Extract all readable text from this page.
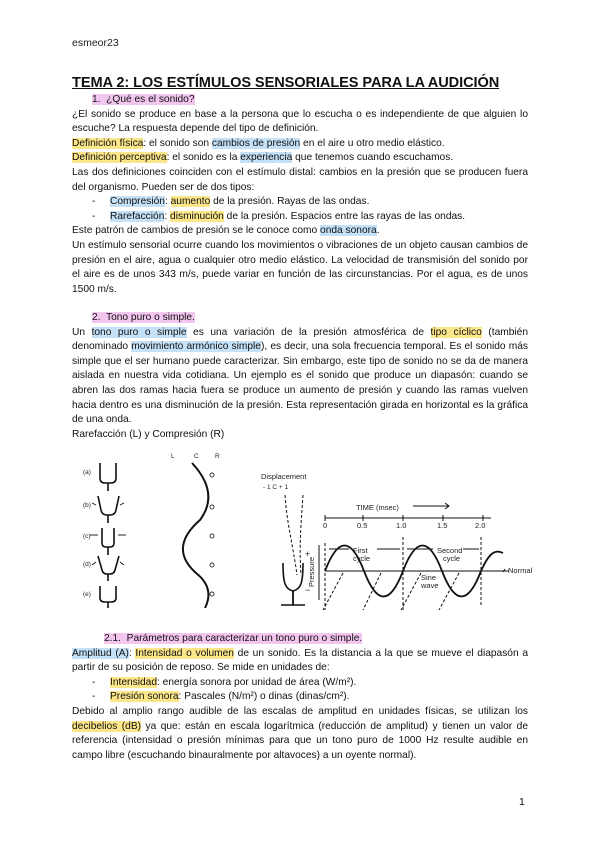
esmeor23
TEMA 2: LOS ESTÍMULOS SENSORIALES PARA LA AUDICIÓN

1. ¿Qué es el sonido?

¿El sonido se produce en base a la persona que lo escucha o es independiente de que alguien lo escuche? La respuesta depende del tipo de definición.

Definición física: el sonido son cambios de presión en el aire u otro medio elástico.

Definición perceptiva: el sonido es la experiencia que tenemos cuando escuchamos.

Las dos definiciones coinciden con el estímulo distal: cambios en la presión que se producen fuera del organismo. Pueden ser de dos tipos:

-	Compresión: aumento de la presión. Rayas de las ondas.
-	Rarefacción: disminución de la presión. Espacios entre las rayas de las ondas.

Este patrón de cambios de presión se le conoce como onda sonora.

Un estímulo sensorial ocurre cuando los movimientos o vibraciones de un objeto causan cambios de presión en el aire, agua o cualquier otro medio elástico. La velocidad de transmisión del sonido por el aire es de unos 343 m/s, puede variar en función de las circunstancias. Por el agua, es de unos 1500 m/s.

2. Tono puro o simple.

Un tono puro o simple es una variación de la presión atmosférica de tipo cíclico (también denominado movimiento armónico simple), es decir, una sola frecuencia temporal. Es el sonido más simple que el ser humano puede caracterizar. Sin embargo, este tipo de sonido no se da de manera aislada en nuestra vida cotidiana. Un ejemplo es el sonido que produce un diapasón: cuando se abren las dos ramas hacia fuera se produce un aumento de presión y cuando las ramas vuelven hacia dentro es una disminución de la presión. Esta representación girada en horizontal es la gráfica de una onda.

Rarefacción (L) y Compresión (R)

L	C	R
(a)
(b)
(c)
(d)
(e)
Displacement
- 1 C + 1
TIME (msec)
0	0.5	1.0	1.5	2.0
First
cycle
Second
cycle
Normal
Sine
wave
+
−
Pressure

2.1. Parámetros para caracterizar un tono puro o simple.

Amplitud (A): Intensidad o volumen de un sonido. Es la distancia a la que se mueve el diapasón a partir de su posición de reposo. Se mide en unidades de:

-	Intensidad: energía sonora por unidad de área (W/m²).
-	Presión sonora: Pascales (N/m²) o dinas (dinas/cm²).

Debido al amplio rango audible de las escalas de amplitud en unidades físicas, se utilizan los decibelios (dB) ya que: están en escala logarítmica (reducción de amplitud) y tienen un valor de referencia (intensidad o presión mínimas para que un tono puro de 1000 Hz resulte audible en campo libre (escuchando binauralmente por altavoces) a un oyente normal).

1
